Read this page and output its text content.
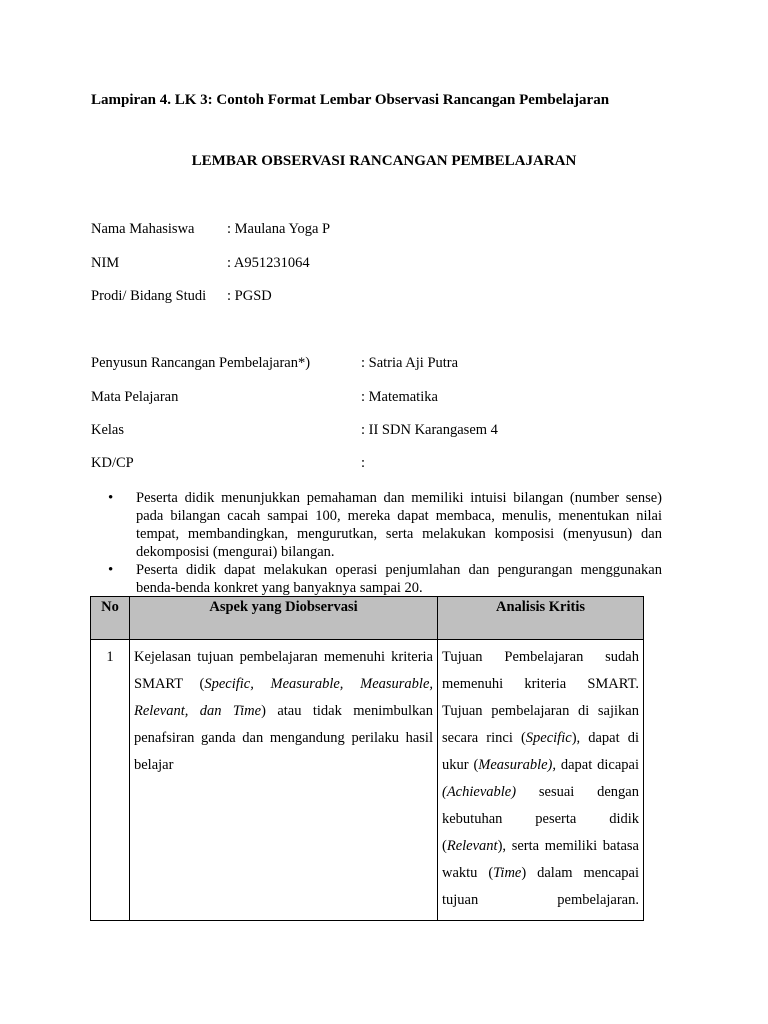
Lampiran 4. LK 3: Contoh Format Lembar Observasi Rancangan Pembelajaran
LEMBAR OBSERVASI RANCANGAN PEMBELAJARAN
Nama Mahasiswa : Maulana Yoga P
NIM	: A951231064
Prodi/ Bidang Studi : PGSD
Penyusun Rancangan Pembelajaran*)	: Satria Aji Putra
Mata Pelajaran	: Matematika
Kelas	: II SDN Karangasem 4
KD/CP	:
• Peserta didik menunjukkan pemahaman dan memiliki intuisi bilangan (number sense) pada bilangan cacah sampai 100, mereka dapat membaca, menulis, menentukan nilai tempat, membandingkan, mengurutkan, serta melakukan komposisi (menyusun) dan dekomposisi (mengurai) bilangan.
• Peserta didik dapat melakukan operasi penjumlahan dan pengurangan menggunakan benda-benda konkret yang banyaknya sampai 20.
No	Aspek yang Diobservasi	Analisis Kritis
1	Kejelasan tujuan pembelajaran memenuhi kriteria SMART (Specific, Measurable, Measurable, Relevant, dan Time) atau tidak menimbulkan penafsiran ganda dan mengandung perilaku hasil belajar	Tujuan Pembelajaran sudah memenuhi kriteria SMART. Tujuan pembelajaran di sajikan secara rinci (Specific), dapat di ukur (Measurable), dapat dicapai (Achievable) sesuai dengan kebutuhan peserta didik (Relevant), serta memiliki batasa waktu (Time) dalam mencapai tujuan pembelajaran.
